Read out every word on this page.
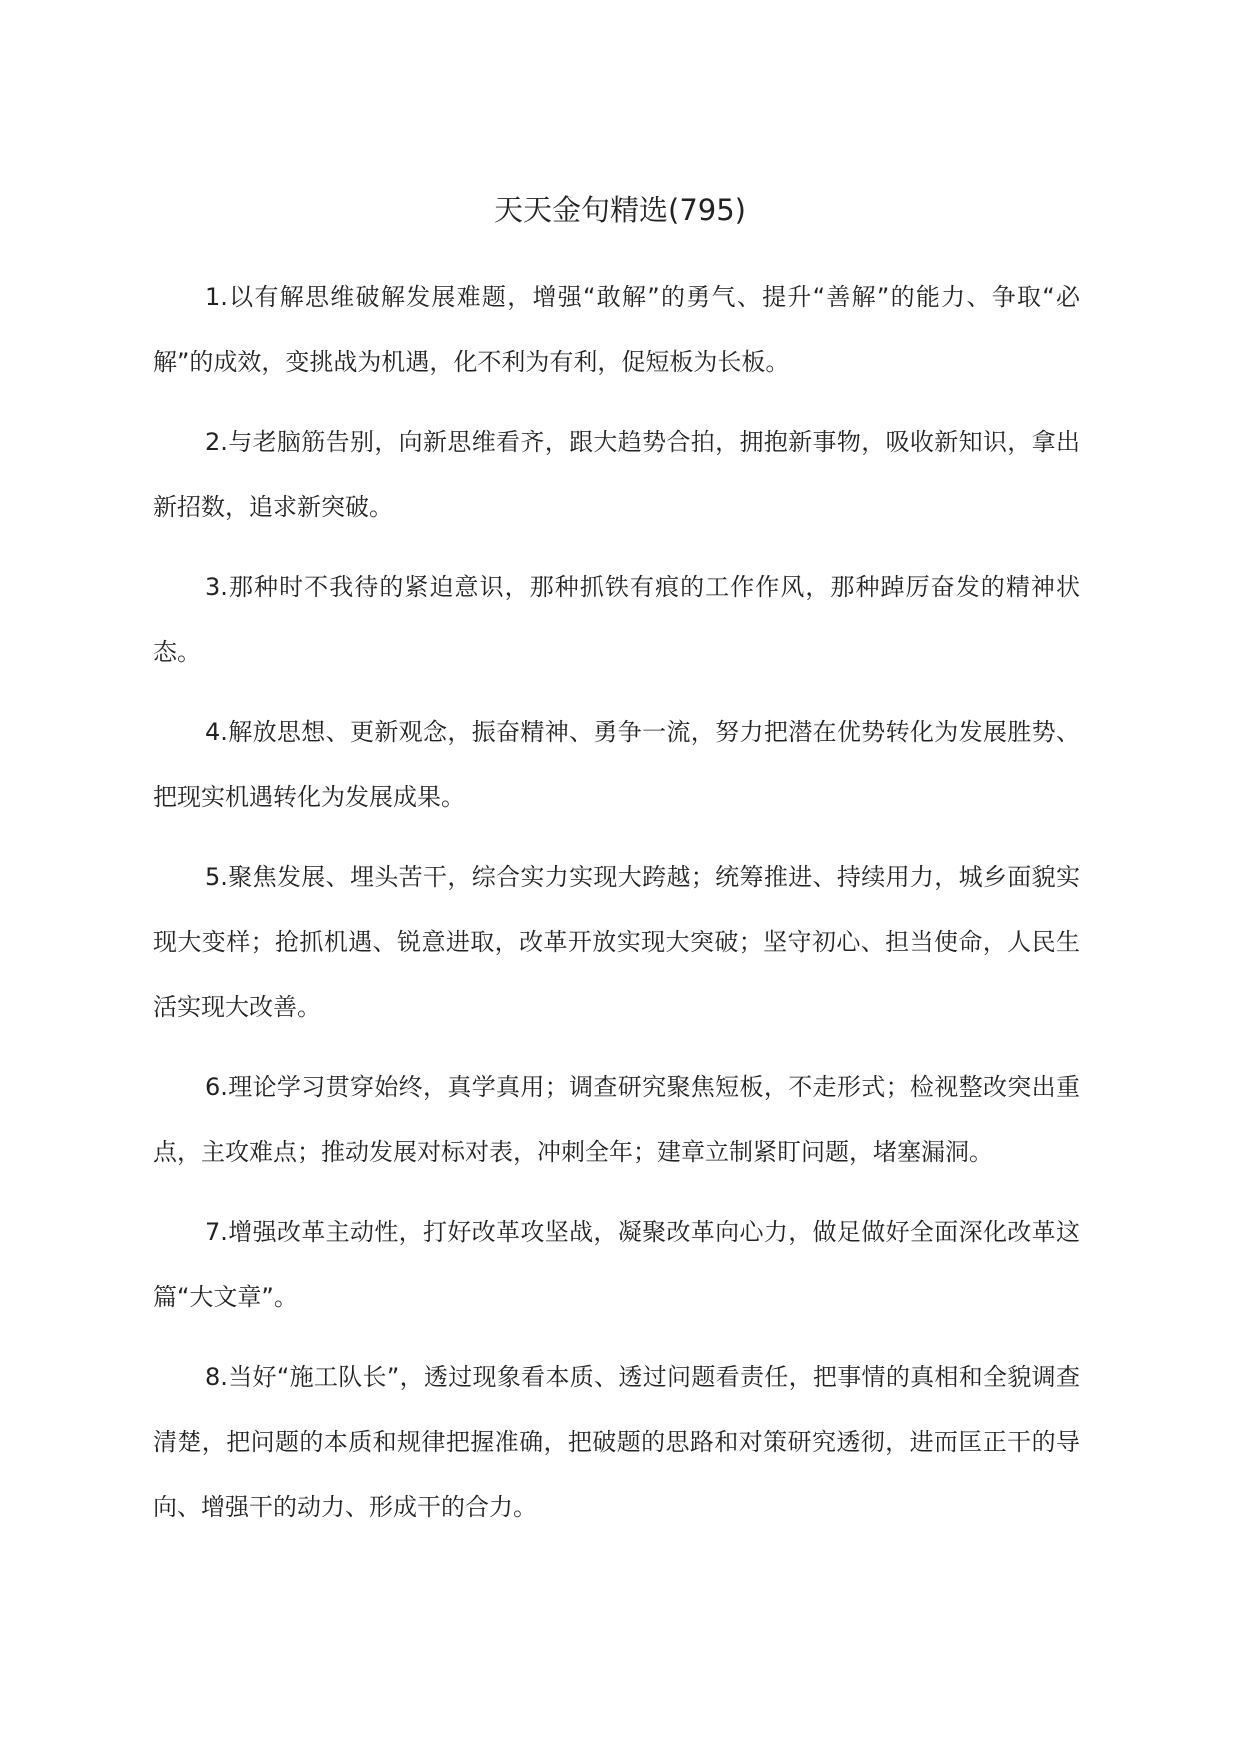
天天金句精选(795)

1.以有解思维破解发展难题，增强“敢解”的勇气、提升“善解”的能力、争取“必解”的成效，变挑战为机遇，化不利为有利，促短板为长板。

2.与老脑筋告别，向新思维看齐，跟大趋势合拍，拥抱新事物，吸收新知识，拿出新招数，追求新突破。

3.那种时不我待的紧迫意识，那种抓铁有痕的工作作风，那种踔厉奋发的精神状态。

4.解放思想、更新观念，振奋精神、勇争一流，努力把潜在优势转化为发展胜势、把现实机遇转化为发展成果。

5.聚焦发展、埋头苦干，综合实力实现大跨越；统筹推进、持续用力，城乡面貌实现大变样；抢抓机遇、锐意进取，改革开放实现大突破；坚守初心、担当使命，人民生活实现大改善。

6.理论学习贯穿始终，真学真用；调查研究聚焦短板，不走形式；检视整改突出重点，主攻难点；推动发展对标对表，冲刺全年；建章立制紧盯问题，堵塞漏洞。

7.增强改革主动性，打好改革攻坚战，凝聚改革向心力，做足做好全面深化改革这篇“大文章”。

8.当好“施工队长”，透过现象看本质、透过问题看责任，把事情的真相和全貌调查清楚，把问题的本质和规律把握准确，把破题的思路和对策研究透彻，进而匡正干的导向、增强干的动力、形成干的合力。
